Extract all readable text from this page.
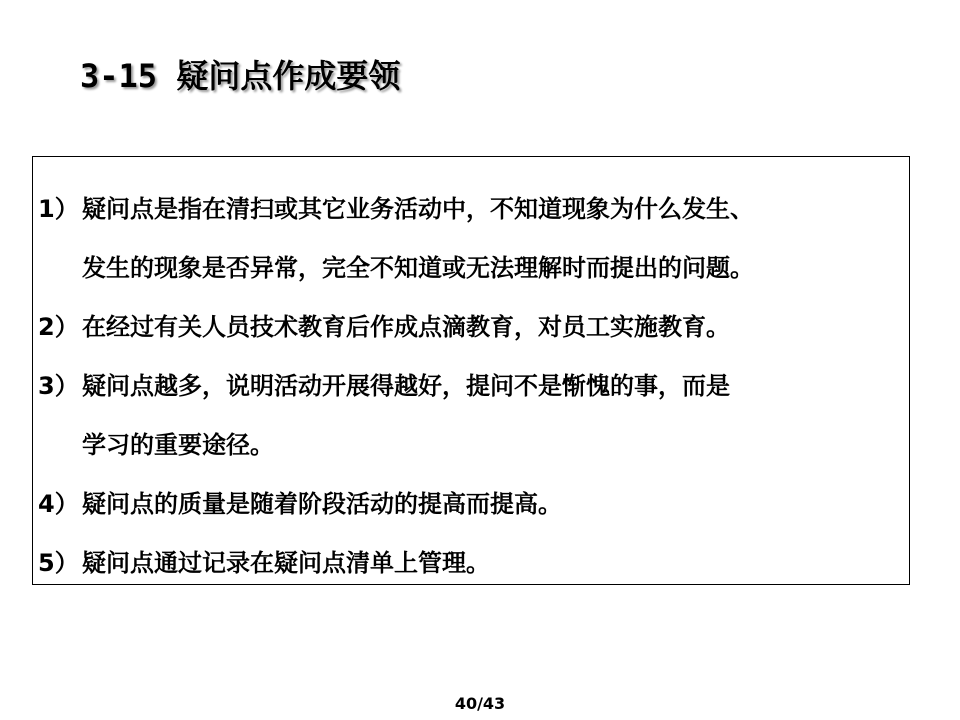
3-15 疑问点作成要领
1） 疑问点是指在清扫或其它业务活动中，不知道现象为什么发生、
发生的现象是否异常，完全不知道或无法理解时而提出的问题。
2） 在经过有关人员技术教育后作成点滴教育，对员工实施教育。
3） 疑问点越多，说明活动开展得越好，提问不是惭愧的事，而是
学习的重要途径。
4） 疑问点的质量是随着阶段活动的提高而提高。
5） 疑问点通过记录在疑问点清单上管理。
40/43
